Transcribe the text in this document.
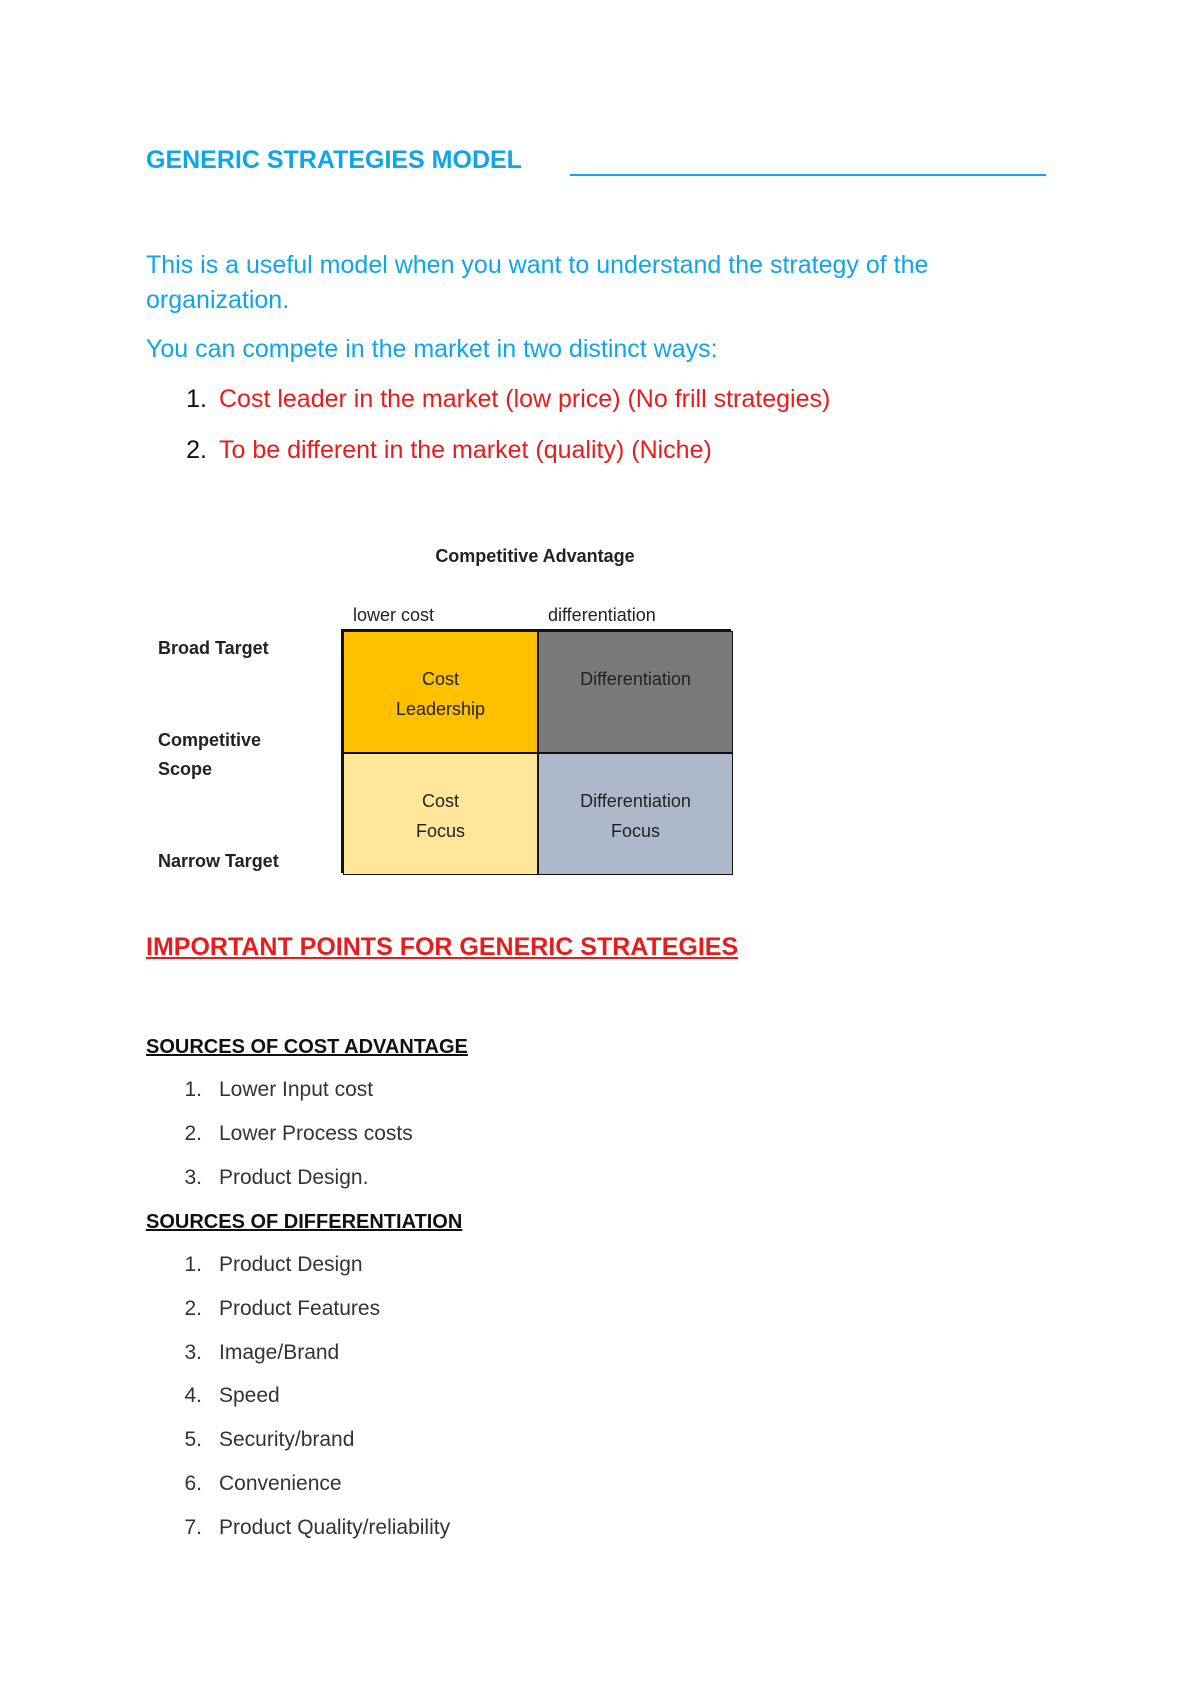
GENERIC STRATEGIES MODEL

This is a useful model when you want to understand the strategy of the organization.

You can compete in the market in two distinct ways:

1. Cost leader in the market (low price) (No frill strategies)
2. To be different in the market (quality) (Niche)
Competitive Advantage
lower cost	differentiation
Broad Target
Competitive
Scope
Narrow Target
Cost
Leadership
Differentiation
Cost
Focus
Differentiation
Focus
IMPORTANT POINTS FOR GENERIC STRATEGIES
SOURCES OF COST ADVANTAGE
1. Lower Input cost
2. Lower Process costs
3. Product Design.
SOURCES OF DIFFERENTIATION
1. Product Design
2. Product Features
3. Image/Brand
4. Speed
5. Security/brand
6. Convenience
7. Product Quality/reliability
